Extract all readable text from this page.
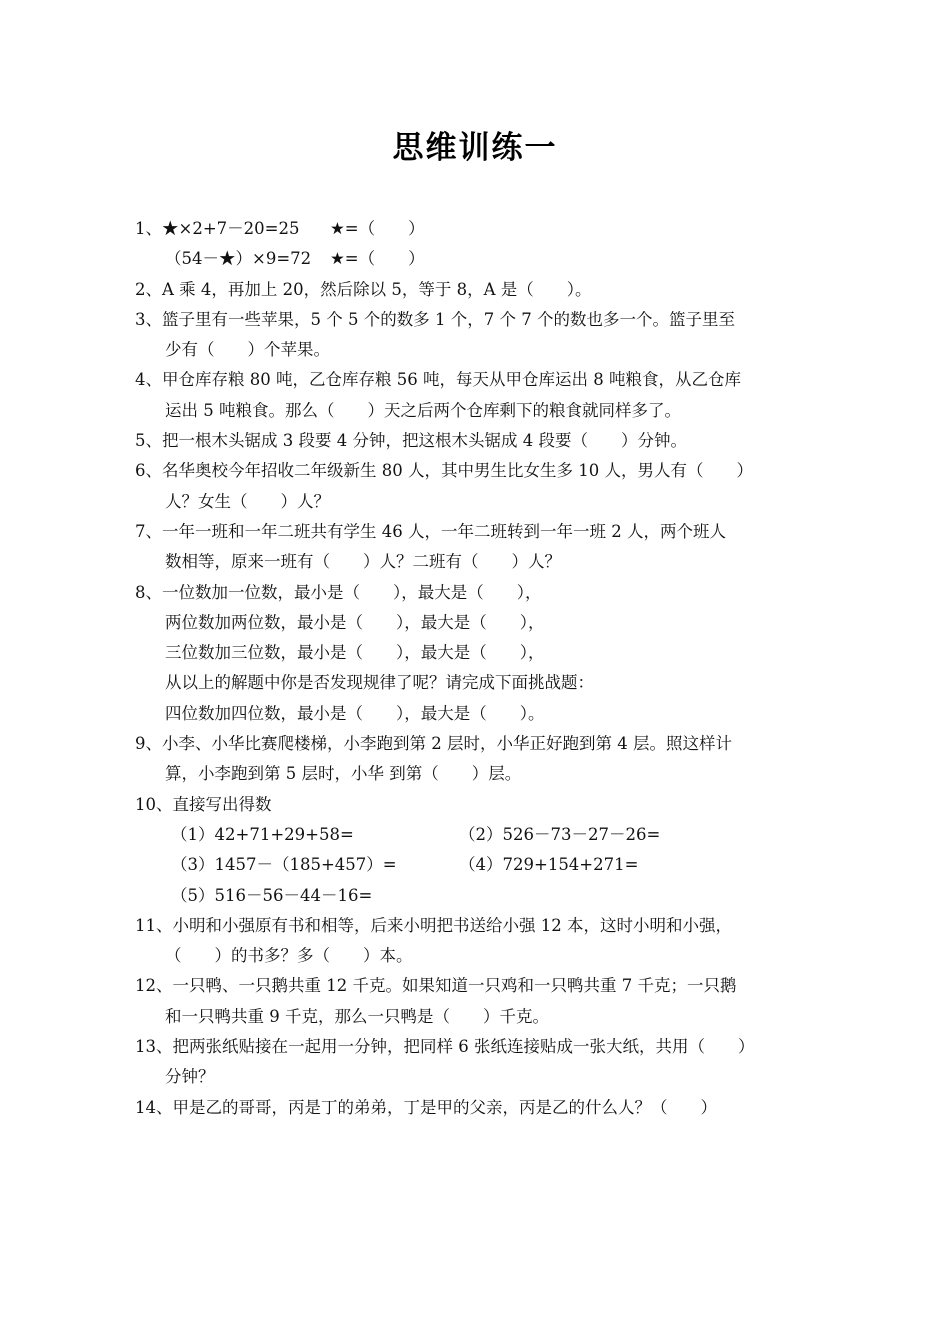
思维训练一
1、★×2+7－20=25 ★=（　　）
（54－★）×9=72 ★=（　　）
2、A 乘 4，再加上 20，然后除以 5，等于 8，A 是（　　）。
3、篮子里有一些苹果，5 个 5 个的数多 1 个，7 个 7 个的数也多一个。篮子里至
少有（　　）个苹果。
4、甲仓库存粮 80 吨，乙仓库存粮 56 吨，每天从甲仓库运出 8 吨粮食，从乙仓库
运出 5 吨粮食。那么（　　）天之后两个仓库剩下的粮食就同样多了。
5、把一根木头锯成 3 段要 4 分钟，把这根木头锯成 4 段要（　　）分钟。
6、名华奥校今年招收二年级新生 80 人，其中男生比女生多 10 人，男人有（　　）
人？女生（　　）人？
7、一年一班和一年二班共有学生 46 人，一年二班转到一年一班 2 人，两个班人
数相等，原来一班有（　　）人？二班有（　　）人？
8、一位数加一位数，最小是（　　），最大是（　　），
两位数加两位数，最小是（　　），最大是（　　），
三位数加三位数，最小是（　　），最大是（　　），
从以上的解题中你是否发现规律了呢？请完成下面挑战题：
四位数加四位数，最小是（　　），最大是（　　）。
9、小李、小华比赛爬楼梯，小李跑到第 2 层时，小华正好跑到第 4 层。照这样计
算，小李跑到第 5 层时，小华 到第（　　）层。
10、直接写出得数
（1）42+71+29+58=	（2）526－73－27－26=
（3）1457－（185+457）=	（4）729+154+271=
（5）516－56－44－16=
11、小明和小强原有书和相等，后来小明把书送给小强 12 本，这时小明和小强，
（　　）的书多？多（　　）本。
12、一只鸭、一只鹅共重 12 千克。如果知道一只鸡和一只鸭共重 7 千克；一只鹅
和一只鸭共重 9 千克，那么一只鸭是（　　）千克。
13、把两张纸贴接在一起用一分钟，把同样 6 张纸连接贴成一张大纸，共用（　　）
分钟？
14、甲是乙的哥哥，丙是丁的弟弟，丁是甲的父亲，丙是乙的什么人？（　　）
